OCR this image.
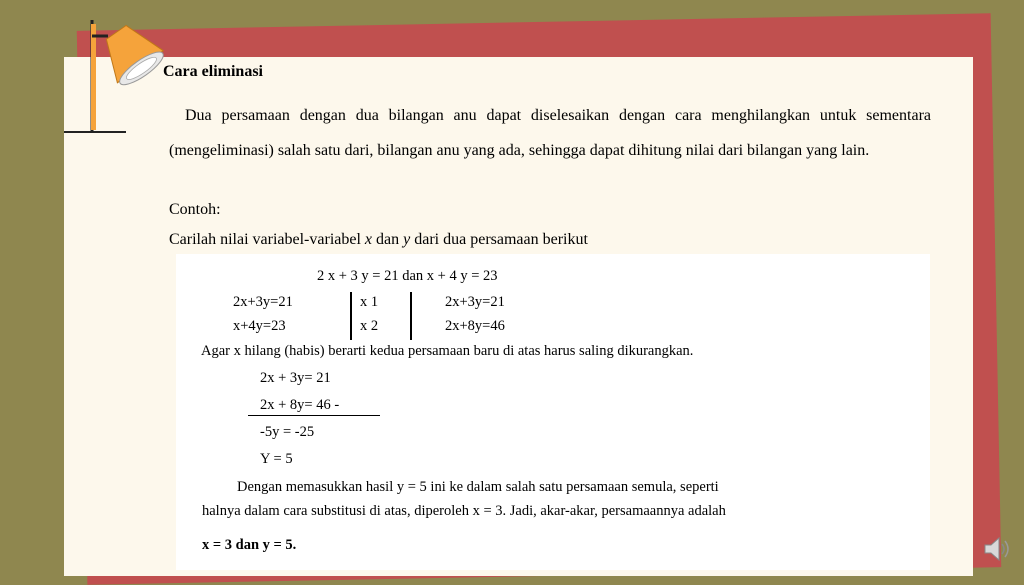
Cara eliminasi
Dua persamaan dengan dua bilangan anu dapat diselesaikan dengan cara menghilangkan untuk sementara (mengeliminasi) salah satu dari, bilangan anu yang ada, sehingga dapat dihitung nilai dari bilangan yang lain.
Contoh:
Carilah nilai variabel-variabel x dan y dari dua persamaan berikut
2 x + 3 y = 21 dan x + 4 y = 23
2x+3y=21	x 1	2x+3y=21
x+4y=23	x 2	2x+8y=46
Agar x hilang (habis) berarti kedua persamaan baru di atas harus saling dikurangkan.
2x + 3y= 21
2x + 8y= 46 -
-5y = -25
Y = 5
Dengan memasukkan hasil y = 5 ini ke dalam salah satu persamaan semula, seperti
halnya dalam cara substitusi di atas, diperoleh x = 3. Jadi, akar-akar, persamaannya adalah
x = 3 dan y = 5.
